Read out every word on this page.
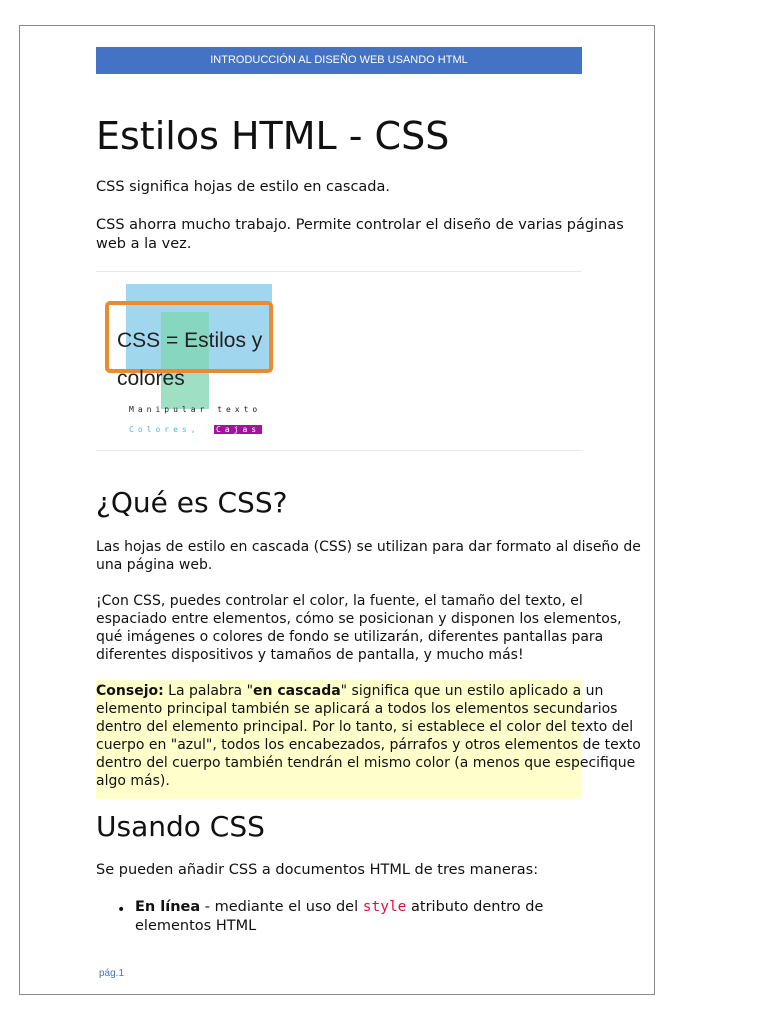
INTRODUCCIÓN AL DISEÑO WEB USANDO HTML
Estilos HTML - CSS

CSS significa hojas de estilo en cascada.

CSS ahorra mucho trabajo. Permite controlar el diseño de varias páginas web a la vez.

CSS = Estilos y
colores
Manipular texto
Colores, Cajas
¿Qué es CSS?

Las hojas de estilo en cascada (CSS) se utilizan para dar formato al diseño de una página web.

¡Con CSS, puedes controlar el color, la fuente, el tamaño del texto, el espaciado entre elementos, cómo se posicionan y disponen los elementos, qué imágenes o colores de fondo se utilizarán, diferentes pantallas para diferentes dispositivos y tamaños de pantalla, y mucho más!

Consejo: La palabra "en cascada" significa que un estilo aplicado a un elemento principal también se aplicará a todos los elementos secundarios dentro del elemento principal. Por lo tanto, si establece el color del texto del cuerpo en "azul", todos los encabezados, párrafos y otros elementos de texto dentro del cuerpo también tendrán el mismo color (a menos que especifique algo más).

Usando CSS

Se pueden añadir CSS a documentos HTML de tres maneras:

• En línea - mediante el uso del style atributo dentro de elementos HTML

pág.1
